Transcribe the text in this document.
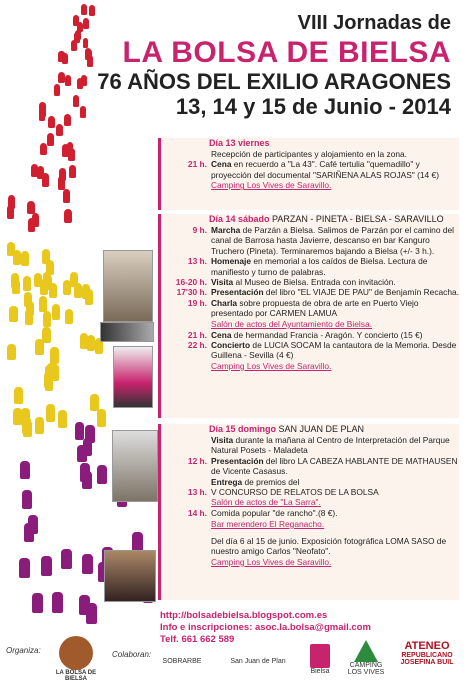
VIII Jornadas de
LA BOLSA DE BIELSA
76 AÑOS DEL EXILIO ARAGONES
13, 14 y 15 de Junio - 2014
Día 13 viernes
Recepción de participantes y alojamiento en la zona.
21 h. Cena en recuerdo a "La 43". Café tertulia "quemadillo" y proyección del documental "SARIÑENA ALAS ROJAS" (14 €)
Camping Los Vives de Saravillo.
Día 14 sábado PARZAN - PINETA - BIELSA - SARAVILLO
9 h. Marcha de Parzán a Bielsa. Salimos de Parzán por el camino del canal de Barrosa hasta Javierre, descanso en bar Kanguro Truchero (Pineta). Terminaremos bajando a Bielsa (+/- 3 h.).
13 h. Homenaje en memorial a los caídos de Bielsa. Lectura de manifiesto y turno de palabras.
16-20 h. Visita al Museo de Bielsa. Entrada con invitación.
17'30 h. Presentación del libro "EL VIAJE DE PAU" de Benjamín Recacha.
19 h. Charla sobre propuesta de obra de arte en Puerto Viejo presentado por CARMEN LAMUA
Salón de actos del Ayuntamiento de Bielsa.
21 h. Cena de hermandad Francia - Aragón. Y concierto (15 €)
22 h. Concierto de LUCIA SOCAM la cantautora de la Memoria. Desde Guillena - Sevilla (4 €)
Camping Los Vives de Saravillo.
Día 15 domingo SAN JUAN DE PLAN
Visita durante la mañana al Centro de Interpretación del Parque Natural Posets - Maladeta
12 h. Presentación del libro LA CABEZA HABLANTE DE MATHAUSEN de Vicente Casasus.
Entrega de premios del
13 h. V CONCURSO DE RELATOS DE LA BOLSA
Salón de actos de "La Sarra".
14 h. Comida popular "de rancho".(8 €).
Bar merendero El Reganacho.
Del día 6 al 15 de junio. Exposición fotográfica LOMA SASO de nuestro amigo Carlos "Neofato".
Camping Los Vives de Saravillo.
http://bolsadebielsa.blogspot.com.es
Info e inscripciones: asoc.la.bolsa@gmail.com
Telf. 661 662 589
Organiza:
LA BOLSA DE BIELSA
Colaboran:
SOBRARBE	San Juan de Plan
Bielsa
CAMPING LOS VIVES
ATENEO
REPUBLICANO
JOSEFINA BUIL
